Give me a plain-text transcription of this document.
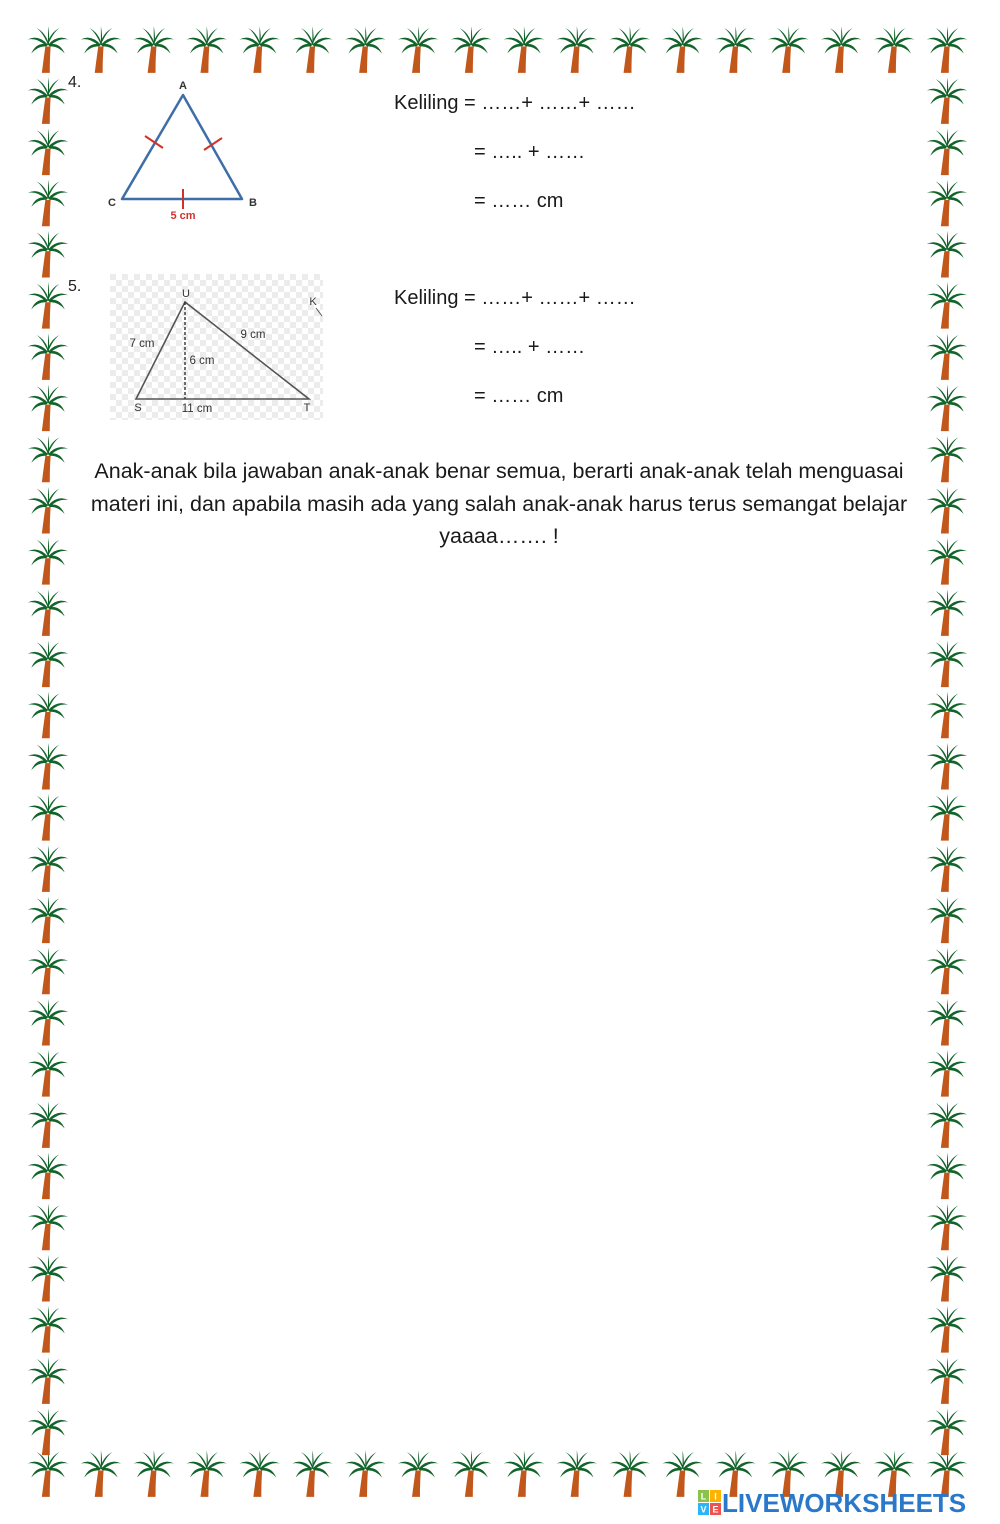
4.	A
C	B
5 cm
Keliling = ……+ ……+ ……
= ….. + ……
= …… cm
5.	U
S	T
K
7 cm
9 cm
6 cm
11 cm
Keliling = ……+ ……+ ……
= ….. + ……
= …… cm
Anak-anak bila jawaban anak-anak benar semua, berarti anak-anak telah menguasai materi ini, dan apabila masih ada yang salah anak-anak harus terus semangat belajar yaaaa……. !
L I
V E LIVEWORKSHEETS
